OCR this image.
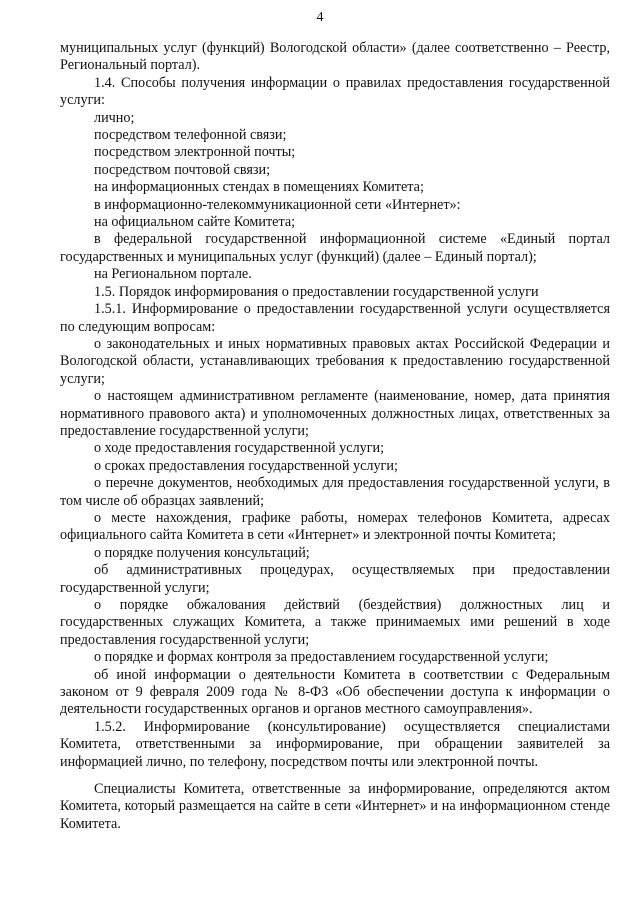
4

муниципальных услуг (функций) Вологодской области» (далее соответственно – Реестр, Региональный портал).

1.4. Способы получения информации о правилах предоставления государственной услуги:

лично;

посредством телефонной связи;

посредством электронной почты;

посредством почтовой связи;

на информационных стендах в помещениях Комитета;

в информационно-телекоммуникационной сети «Интернет»:

на официальном сайте Комитета;

в федеральной государственной информационной системе «Единый портал государственных и муниципальных услуг (функций) (далее – Единый портал);

на Региональном портале.

1.5. Порядок информирования о предоставлении государственной услуги

1.5.1. Информирование о предоставлении государственной услуги осуществляется по следующим вопросам:

о законодательных и иных нормативных правовых актах Российской Федерации и Вологодской области, устанавливающих требования к предоставлению государственной услуги;

о настоящем административном регламенте (наименование, номер, дата принятия нормативного правового акта) и уполномоченных должностных лицах, ответственных за предоставление государственной услуги;

о ходе предоставления государственной услуги;

о сроках предоставления государственной услуги;

о перечне документов, необходимых для предоставления государственной услуги, в том числе об образцах заявлений;

о месте нахождения, графике работы, номерах телефонов Комитета, адресах официального сайта Комитета в сети «Интернет» и электронной почты Комитета;

о порядке получения консультаций;

об административных процедурах, осуществляемых при предоставлении государственной услуги;

о порядке обжалования действий (бездействия) должностных лиц и государственных служащих Комитета, а также принимаемых ими решений в ходе предоставления государственной услуги;

о порядке и формах контроля за предоставлением государственной услуги;

об иной информации о деятельности Комитета в соответствии с Федеральным законом от 9 февраля 2009 года № 8-ФЗ «Об обеспечении доступа к информации о деятельности государственных органов и органов местного самоуправления».

1.5.2. Информирование (консультирование) осуществляется специалистами Комитета, ответственными за информирование, при обращении заявителей за информацией лично, по телефону, посредством почты или электронной почты.

Специалисты Комитета, ответственные за информирование, определяются актом Комитета, который размещается на сайте в сети «Интернет» и на информационном стенде Комитета.
